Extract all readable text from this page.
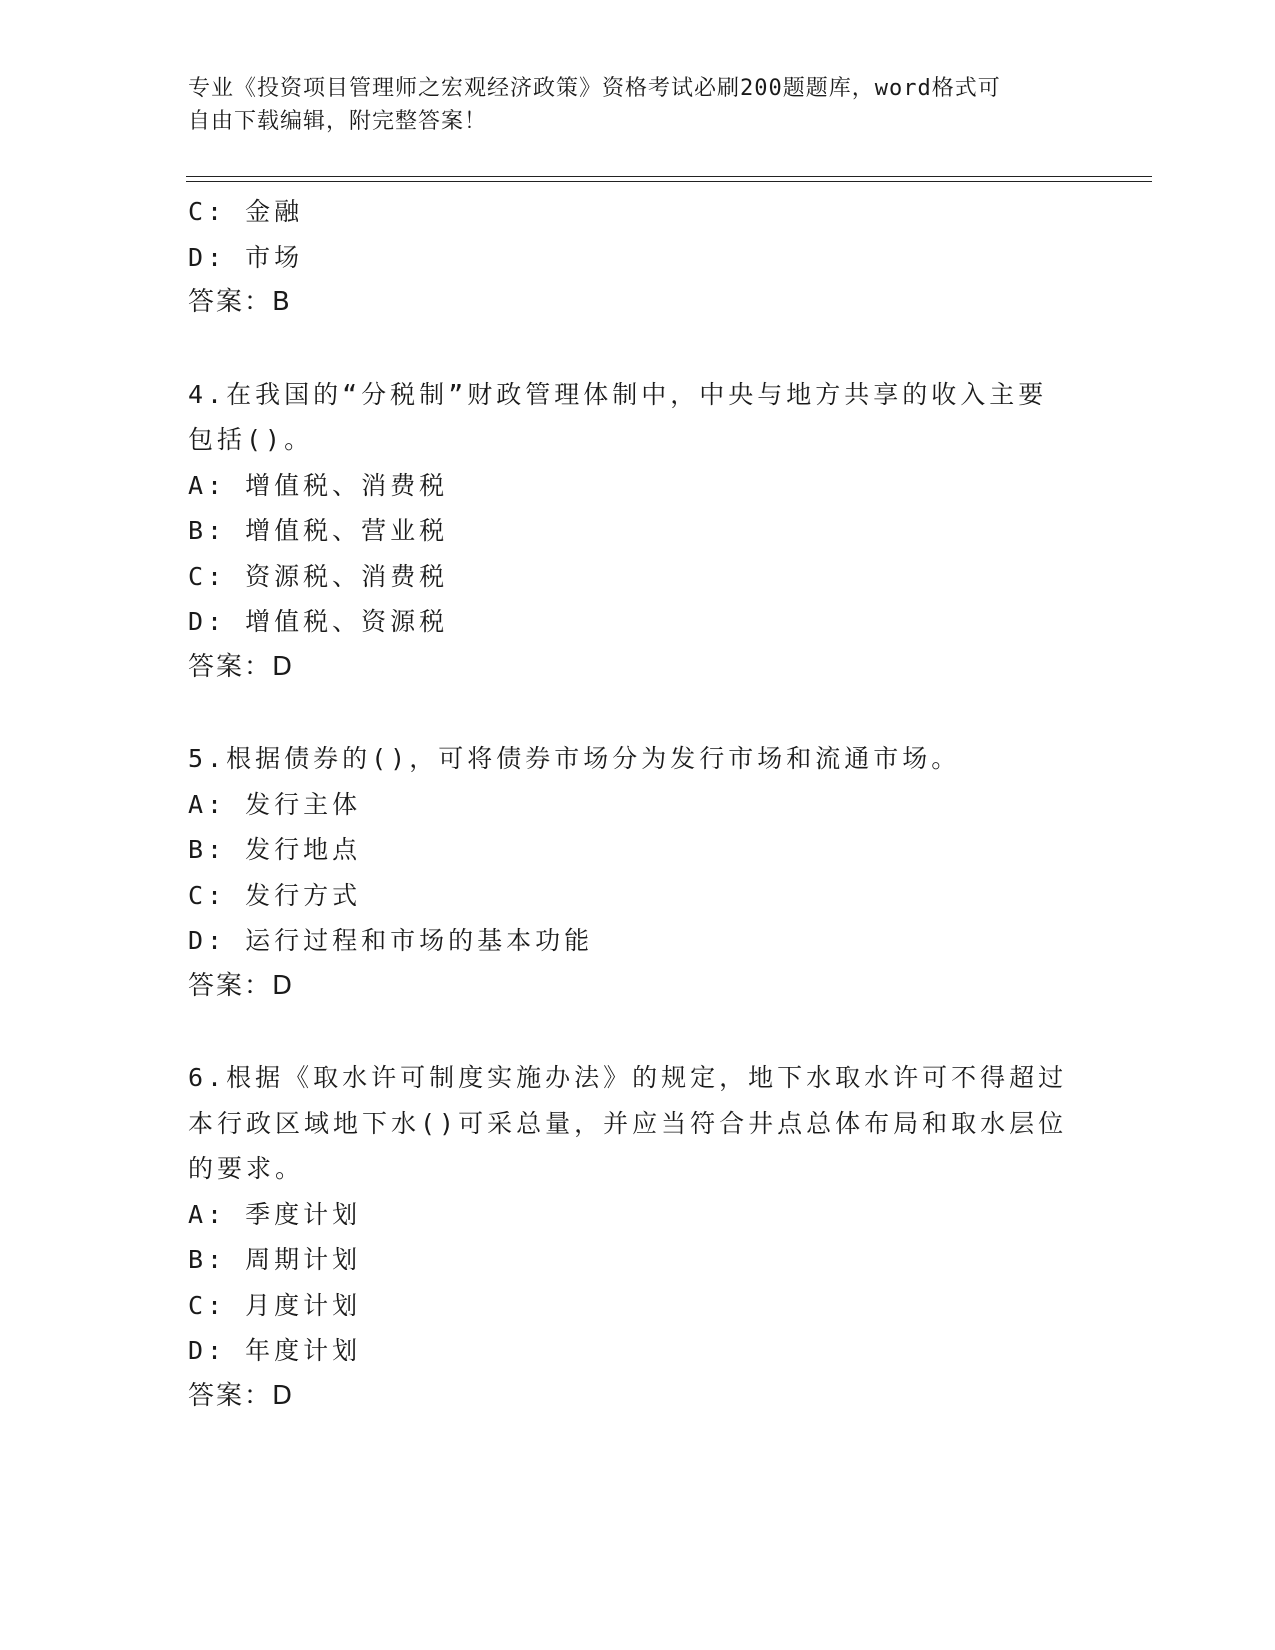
专业《投资项目管理师之宏观经济政策》资格考试必刷200题题库，word格式可
自由下载编辑，附完整答案！
C: 金融
D: 市场
答案：B
4.在我国的“分税制”财政管理体制中，中央与地方共享的收入主要
包括()。
A: 增值税、消费税
B: 增值税、营业税
C: 资源税、消费税
D: 增值税、资源税
答案：D
5.根据债券的()，可将债券市场分为发行市场和流通市场。
A: 发行主体
B: 发行地点
C: 发行方式
D: 运行过程和市场的基本功能
答案：D
6.根据《取水许可制度实施办法》的规定，地下水取水许可不得超过
本行政区域地下水()可采总量，并应当符合井点总体布局和取水层位
的要求。
A: 季度计划
B: 周期计划
C: 月度计划
D: 年度计划
答案：D
